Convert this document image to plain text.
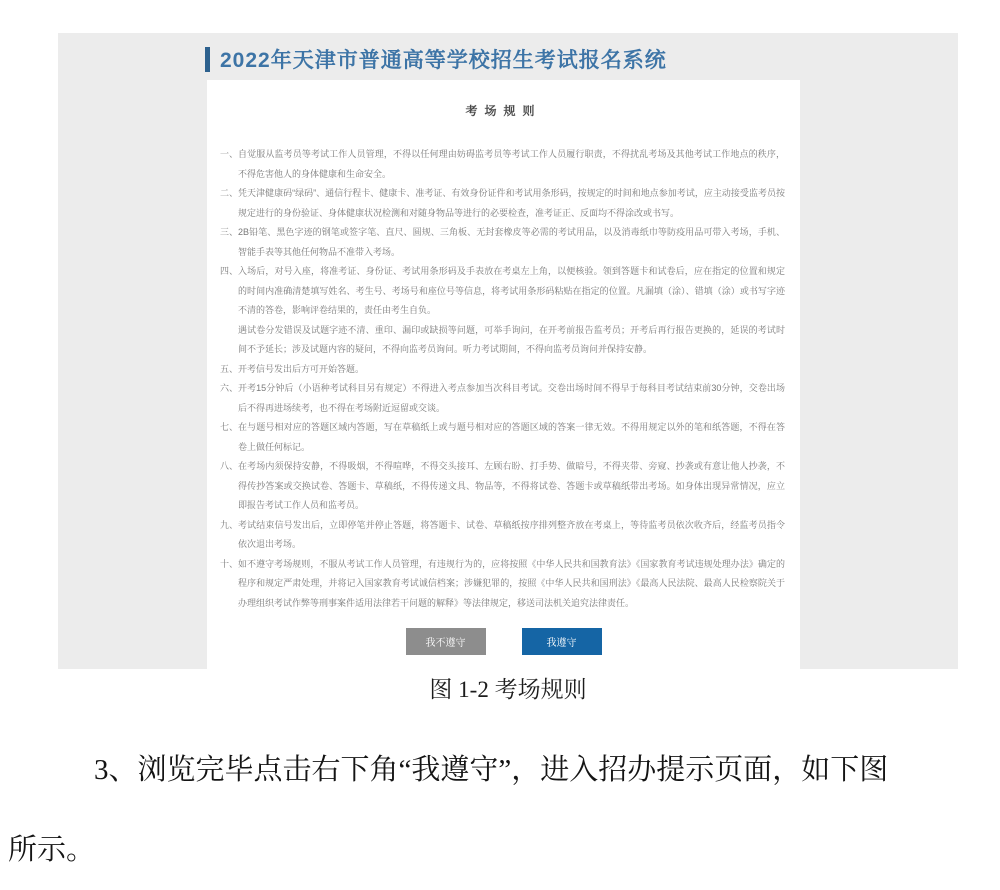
2022年天津市普通高等学校招生考试报名系统
考场规则
一、 自觉服从监考员等考试工作人员管理，不得以任何理由妨碍监考员等考试工作人员履行职责，不得扰乱考场及其他考试工作地点的秩序，不得危害他人的身体健康和生命安全。
二、 凭天津健康码“绿码”、通信行程卡、健康卡、准考证、有效身份证件和考试用条形码，按规定的时间和地点参加考试，应主动接受监考员按规定进行的身份验证、身体健康状况检测和对随身物品等进行的必要检查，准考证正、反面均不得涂改或书写。
三、 2B铅笔、黑色字迹的钢笔或签字笔、直尺、圆规、三角板、无封套橡皮等必需的考试用品，以及消毒纸巾等防疫用品可带入考场，手机、智能手表等其他任何物品不准带入考场。
四、 入场后，对号入座，将准考证、身份证、考试用条形码及手表放在考桌左上角，以便核验。领到答题卡和试卷后，应在指定的位置和规定的时间内准确清楚填写姓名、考生号、考场号和座位号等信息，将考试用条形码粘贴在指定的位置。凡漏填（涂）、错填（涂）或书写字迹不清的答卷，影响评卷结果的，责任由考生自负。
遇试卷分发错误及试题字迹不清、重印、漏印或缺损等问题，可举手询问，在开考前报告监考员；开考后再行报告更换的，延误的考试时间不予延长；涉及试题内容的疑问，不得向监考员询问。听力考试期间，不得向监考员询问并保持安静。
五、 开考信号发出后方可开始答题。
六、 开考15分钟后（小语种考试科目另有规定）不得进入考点参加当次科目考试。交卷出场时间不得早于每科目考试结束前30分钟，交卷出场后不得再进场续考，也不得在考场附近逗留或交谈。
七、 在与题号相对应的答题区域内答题，写在草稿纸上或与题号相对应的答题区域的答案一律无效。不得用规定以外的笔和纸答题，不得在答卷上做任何标记。
八、 在考场内须保持安静，不得吸烟，不得喧哗，不得交头接耳、左顾右盼、打手势、做暗号，不得夹带、旁窥、抄袭或有意让他人抄袭，不得传抄答案或交换试卷、答题卡、草稿纸，不得传递文具、物品等，不得将试卷、答题卡或草稿纸带出考场。如身体出现异常情况，应立即报告考试工作人员和监考员。
九、 考试结束信号发出后，立即停笔并停止答题，将答题卡、试卷、草稿纸按序排列整齐放在考桌上，等待监考员依次收齐后，经监考员指令依次退出考场。
十、 如不遵守考场规则，不服从考试工作人员管理，有违规行为的，应将按照《中华人民共和国教育法》《国家教育考试违规处理办法》确定的程序和规定严肃处理，并将记入国家教育考试诚信档案；涉嫌犯罪的，按照《中华人民共和国刑法》《最高人民法院、最高人民检察院关于办理组织考试作弊等刑事案件适用法律若干问题的解释》等法律规定，移送司法机关追究法律责任。
我不遵守	我遵守
图 1-2 考场规则
3、浏览完毕点击右下角“我遵守”，进入招办提示页面，如下图
所示。
